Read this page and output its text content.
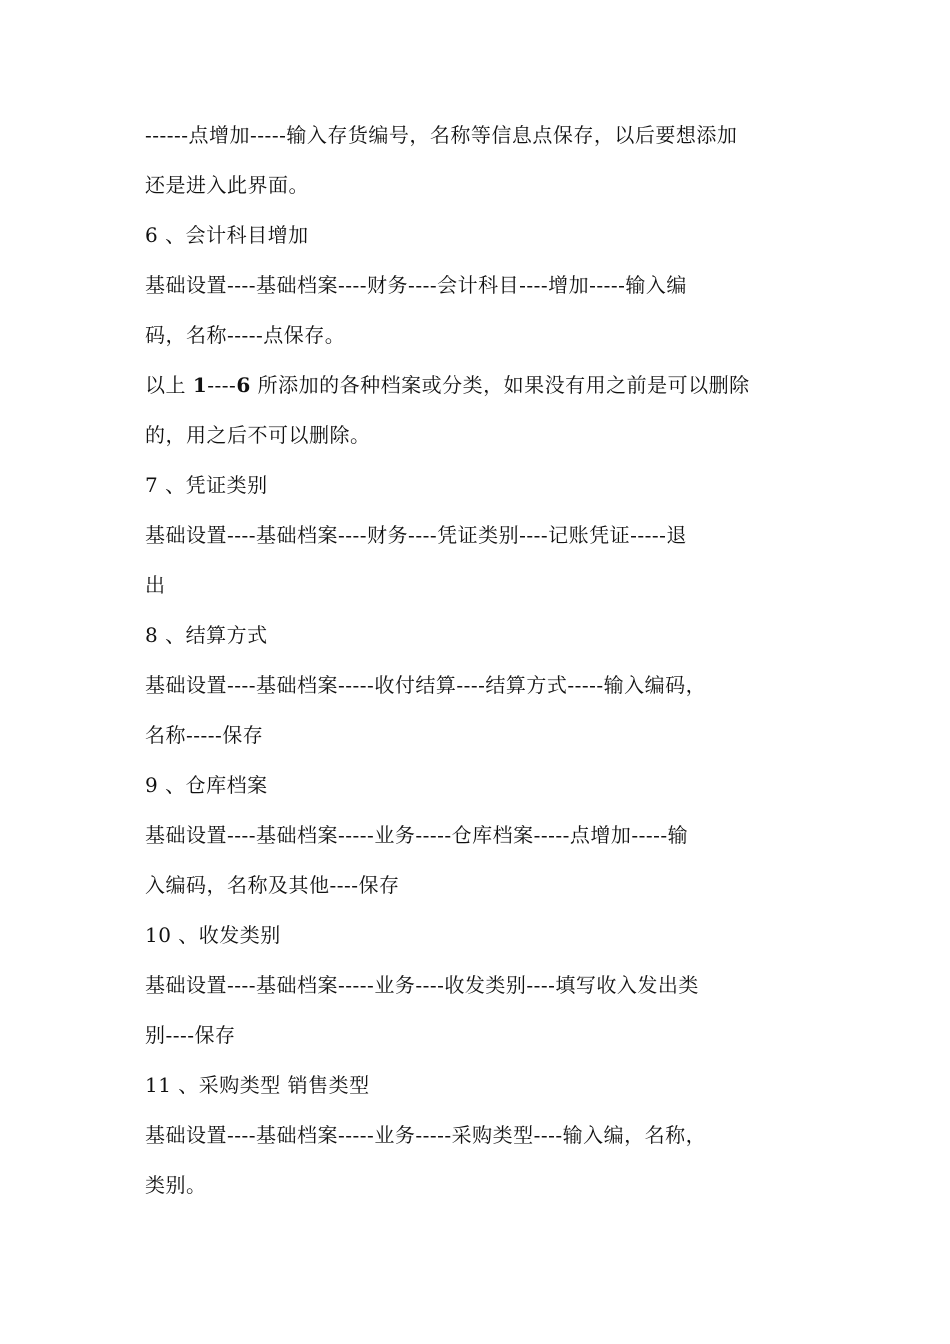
----‐‐点增加----‐输入存货编号，名称等信息点保存，以后要想添加
还是进入此界面。
6 、会计科目增加
基础设置----基础档案----财务----会计科目----增加----‐输入编
码，名称----‐点保存。
以上 1----6 所添加的各种档案或分类，如果没有用之前是可以删除
的，用之后不可以删除。
7 、凭证类别
基础设置----基础档案----财务----凭证类别----记账凭证----‐退
出
8 、结算方式
基础设置----基础档案----‐收付结算----结算方式----‐输入编码，
名称----‐保存
9 、仓库档案
基础设置----基础档案----‐业务----‐仓库档案----‐点增加----‐输
入编码，名称及其他----保存
10 、收发类别
基础设置----基础档案----‐业务----收发类别----填写收入发出类
别----保存
11 、采购类型 销售类型
基础设置----基础档案----‐业务----‐采购类型----输入编，名称，
类别。
